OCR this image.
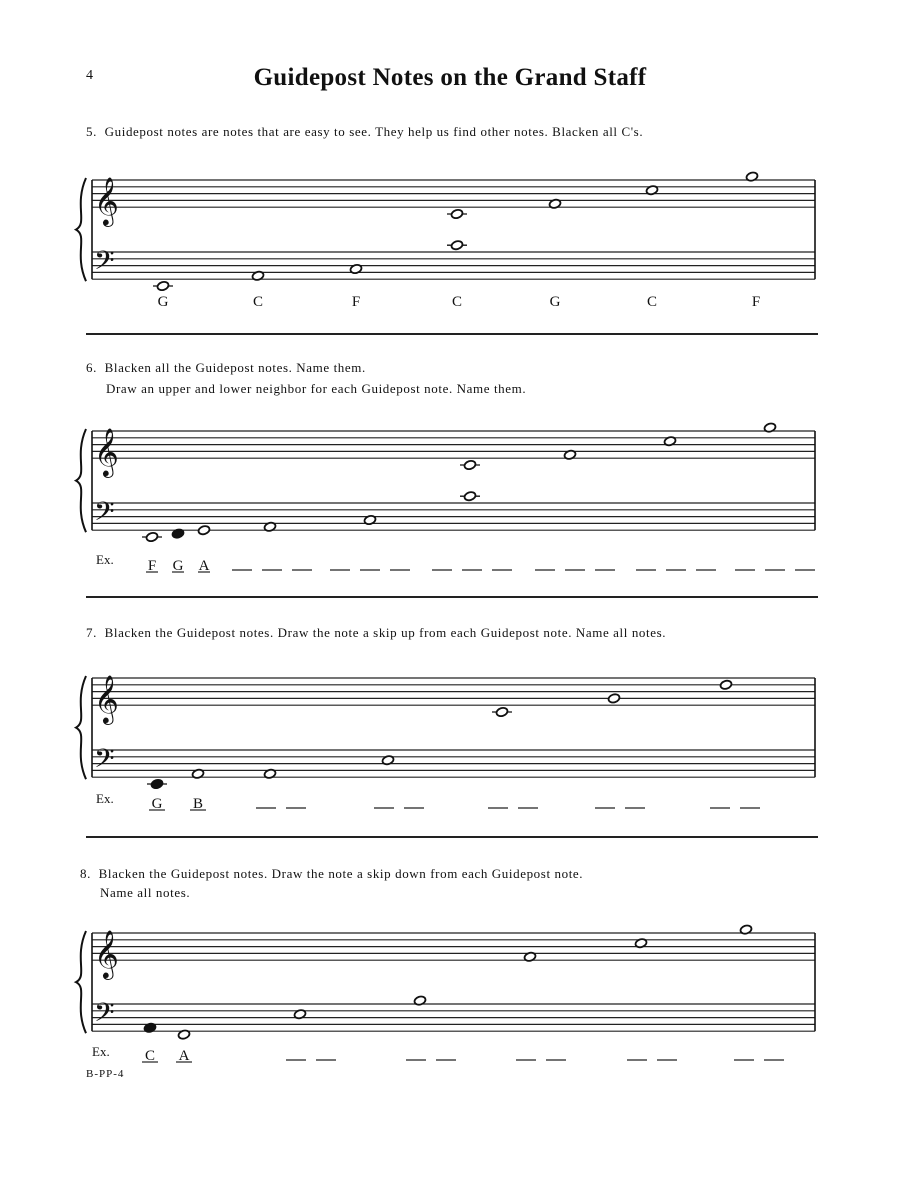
4	Guidepost Notes on the Grand Staff
5. Guidepost notes are notes that are easy to see. They help us find other notes. Blacken all C's.
𝄞
𝄢
G	C	F	C	G	C	F
6. Blacken all the Guidepost notes. Name them.
Draw an upper and lower neighbor for each Guidepost note. Name them.
𝄞
𝄢
Ex. F G A
7. Blacken the Guidepost notes. Draw the note a skip up from each Guidepost note. Name all notes.
𝄞
𝄢
Ex.	G B
8. Blacken the Guidepost notes. Draw the note a skip down from each Guidepost note.
Name all notes.
𝄞
𝄢
Ex. C A
B-PP-4
